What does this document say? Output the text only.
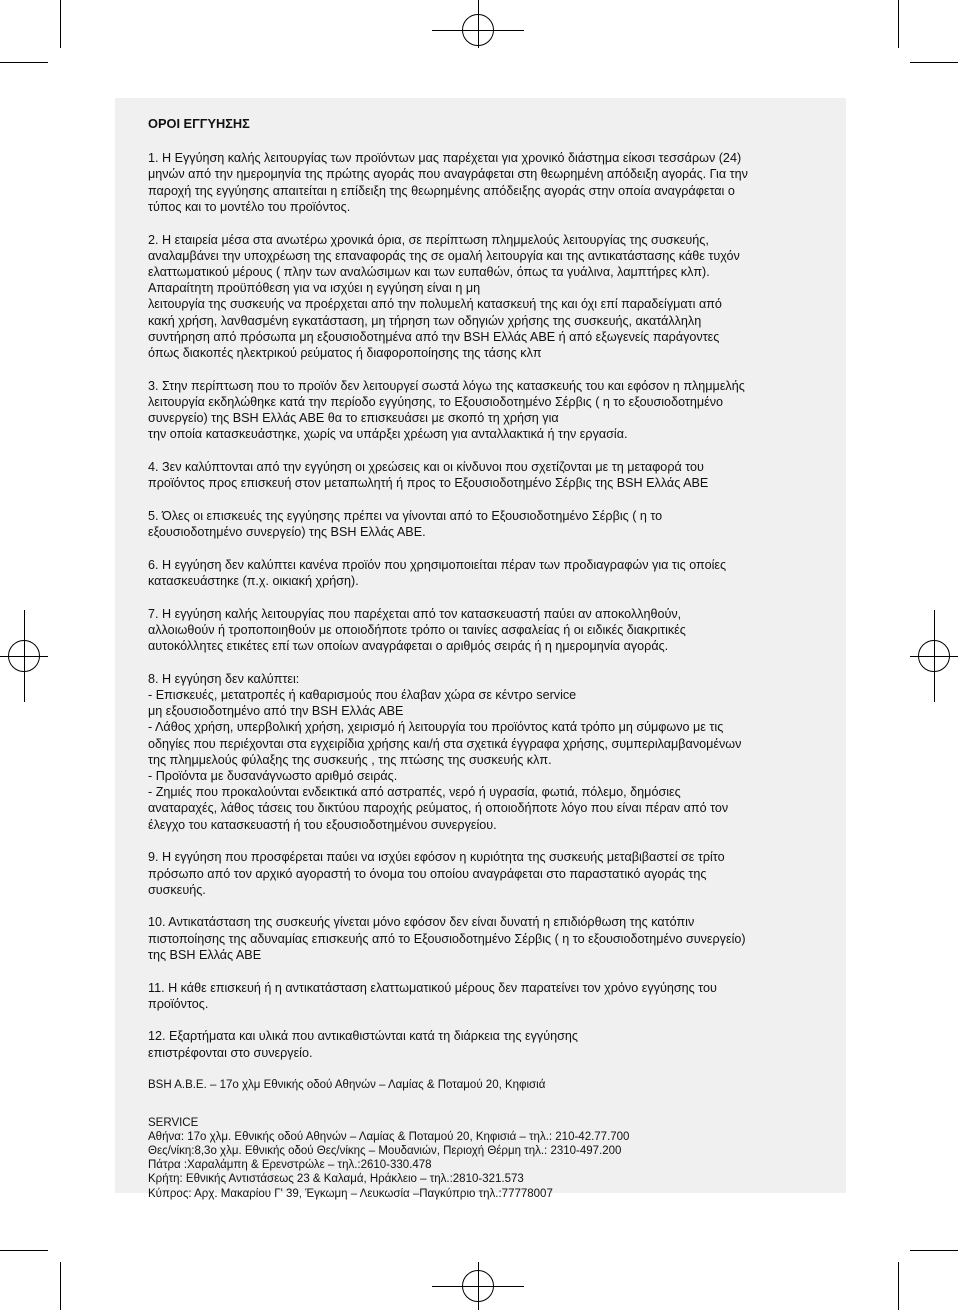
ΟΡΟΙ ΕΓΓΥΗΣΗΣ
1. Η Εγγύηση καλής λειτουργίας των προϊόντων μας παρέχεται για χρονικό διάστημα είκοσι τεσσάρων (24)
μηνών από την ημερομηνία της πρώτης αγοράς που αναγράφεται στη θεωρημένη απόδειξη αγοράς. Για την
παροχή της εγγύησης απαιτείται η επίδειξη της θεωρημένης απόδειξης αγοράς στην οποία αναγράφεται ο
τύπος και το μοντέλο του προϊόντος.
2. Η εταιρεία μέσα στα ανωτέρω χρονικά όρια, σε περίπτωση πλημμελούς λειτουργίας της συσκευής,
αναλαμβάνει την υποχρέωση της επαναφοράς της σε ομαλή λειτουργία και της αντικατάστασης κάθε τυχόν
ελαττωματικού μέρους ( πλην των αναλώσιμων και των ευπαθών, όπως τα γυάλινα, λαμπτήρες κλπ).
Απαραίτητη προϋπόθεση για να ισχύει η εγγύηση είναι η μη
λειτουργία της συσκευής να προέρχεται από την πολυμελή κατασκευή της και όχι επί παραδείγματι από
κακή χρήση, λανθασμένη εγκατάσταση, μη τήρηση των οδηγιών χρήσης της συσκευής, ακατάλληλη
συντήρηση από πρόσωπα μη εξουσιοδοτημένα από την BSH Ελλάς ΑΒΕ ή από εξωγενείς παράγοντες
όπως διακοπές ηλεκτρικού ρεύματος ή διαφοροποίησης της τάσης κλπ
3. Στην περίπτωση που το προϊόν δεν λειτουργεί σωστά λόγω της κατασκευής του και εφόσον η πλημμελής
λειτουργία εκδηλώθηκε κατά την περίοδο εγγύησης, το Εξουσιοδοτημένο Σέρβις ( η το εξουσιοδοτημένο
συνεργείο) της BSH Ελλάς ΑΒΕ θα το επισκευάσει με σκοπό τη χρήση για
την οποία κατασκευάστηκε, χωρίς να υπάρξει χρέωση για ανταλλακτικά ή την εργασία.
4. Зεν καλύπτονται από την εγγύηση οι χρεώσεις και οι κίνδυνοι που σχετίζονται με τη μεταφορά του
προϊόντος προς επισκευή στον μεταπωλητή ή προς το Εξουσιοδοτημένο Σέρβις της BSH Ελλάς ΑΒΕ
5. Όλες οι επισκευές της εγγύησης πρέπει να γίνονται από το Εξουσιοδοτημένο Σέρβις ( η το
εξουσιοδοτημένο συνεργείο) της BSH Ελλάς ΑΒΕ.
6. Η εγγύηση δεν καλύπτει κανένα προϊόν που χρησιμοποιείται πέραν των προδιαγραφών για τις οποίες
κατασκευάστηκε (π.χ. οικιακή χρήση).
7. Η εγγύηση καλής λειτουργίας που παρέχεται από τον κατασκευαστή παύει αν αποκολληθούν,
αλλοιωθούν ή τροποποιηθούν με οποιοδήποτε τρόπο οι ταινίες ασφαλείας ή οι ειδικές διακριτικές
αυτοκόλλητες ετικέτες επί των οποίων αναγράφεται ο αριθμός σειράς ή η ημερομηνία αγοράς.
8. Η εγγύηση δεν καλύπτει:
- Επισκευές, μετατροπές ή καθαρισμούς που έλαβαν χώρα σε κέντρο service
μη εξουσιοδοτημένο από την BSH Ελλάς ΑΒΕ
- Λάθος χρήση, υπερβολική χρήση, χειρισμό ή λειτουργία του προϊόντος κατά τρόπο μη σύμφωνο με τις
οδηγίες που περιέχονται στα εγχειρίδια χρήσης και/ή στα σχετικά έγγραφα χρήσης, συμπεριλαμβανομένων
της πλημμελούς φύλαξης της συσκευής , της πτώσης της συσκευής κλπ.
- Προϊόντα με δυσανάγνωστο αριθμό σειράς.
- Ζημιές που προκαλούνται ενδεικτικά από αστραπές, νερό ή υγρασία, φωτιά, πόλεμο, δημόσιες
αναταραχές, λάθος τάσεις του δικτύου παροχής ρεύματος, ή οποιοδήποτε λόγο που είναι πέραν από τον
έλεγχο του κατασκευαστή ή του εξουσιοδοτημένου συνεργείου.
9. Η εγγύηση που προσφέρεται παύει να ισχύει εφόσον η κυριότητα της συσκευής μεταβιβαστεί σε τρίτο
πρόσωπο από τον αρχικό αγοραστή το όνομα του οποίου αναγράφεται στο παραστατικό αγοράς της
συσκευής.
10. Αντικατάσταση της συσκευής γίνεται μόνο εφόσον δεν είναι δυνατή η επιδιόρθωση της κατόπιν
πιστοποίησης της αδυναμίας επισκευής από το Εξουσιοδοτημένο Σέρβις ( η το εξουσιοδοτημένο συνεργείο)
της BSH Ελλάς ΑΒΕ
11. Η κάθε επισκευή ή η αντικατάσταση ελαττωματικού μέρους δεν παρατείνει τον χρόνο εγγύησης του
προϊόντος.
12. Εξαρτήματα και υλικά που αντικαθιστώνται κατά τη διάρκεια της εγγύησης
επιστρέφονται στο συνεργείο.
BSH A.B.E. – 17ο χλμ Εθνικής οδού Αθηνών – Λαμίας & Ποταμού 20, Κηφισιά
SERVICE
Αθήνα: 17ο χλμ. Εθνικής οδού Αθηνών – Λαμίας & Ποταμού 20, Κηφισιά – τηλ.: 210-42.77.700
Θες/νίκη:8,3ο χλμ. Εθνικής οδού Θες/νίκης – Μουδανιών, Περιοχή Θέρμη τηλ.: 2310-497.200
Πάτρα :Χαραλάμπη & Ερενστρώλε – τηλ.:2610-330.478
Κρήτη: Εθνικής Αντιστάσεως 23 & Καλαμά, Ηράκλειο – τηλ.:2810-321.573
Κύπρος: Αρχ. Μακαρίου Γ' 39, Έγκωμη – Λευκωσία –Παγκύπριο τηλ.:77778007
